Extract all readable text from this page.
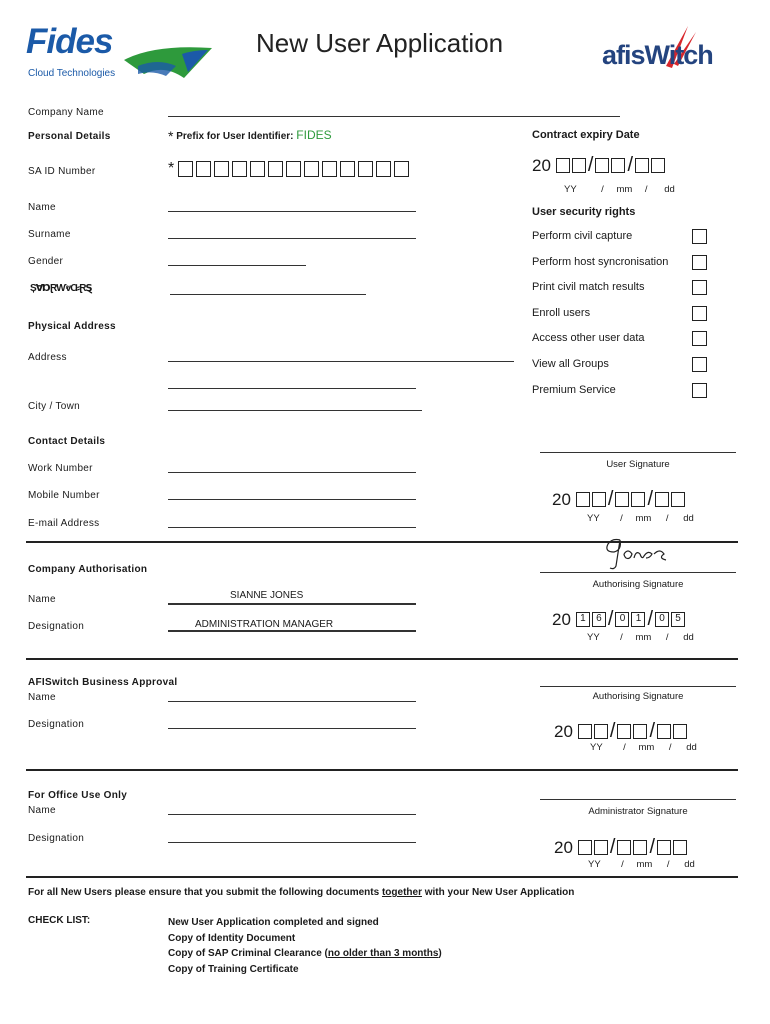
Fides
Cloud Technologies
New User Application	afisWitch
Company Name
Personal Details	* Prefix for User Identifier: FIDES
SA ID Number	*
Name
Surname
Gender
ȘⱯⱰⱤⱲⱴⱭ⸗ⱤⱾ
Physical Address
Address
City / Town
Contact Details
Work Number
Mobile Number
E-mail Address
Contract expiry Date
20 / /
YY	/ mm / dd
User security rights
Perform civil capture
Perform host syncronisation
Print civil match results
Enroll users
Access other user data
View all Groups
Premium Service
User Signature
20 / /
YY / mm / dd
Company Authorisation
Name	SIANNE JONES
Designation	ADMINISTRATION MANAGER
Authorising Signature
20 1 6 / 0 1 / 0 5
YY / mm / dd
AFISwitch Business Approval
Name
Designation
Authorising Signature
20 / /
YY / mm / dd
For Office Use Only
Name
Designation
Administrator Signature
20 / /
YY / mm / dd
For all New Users please ensure that you submit the following documents together with your New User Application
CHECK LIST:	New User Application completed and signed
Copy of Identity Document
Copy of SAP Criminal Clearance (no older than 3 months)
Copy of Training Certificate
